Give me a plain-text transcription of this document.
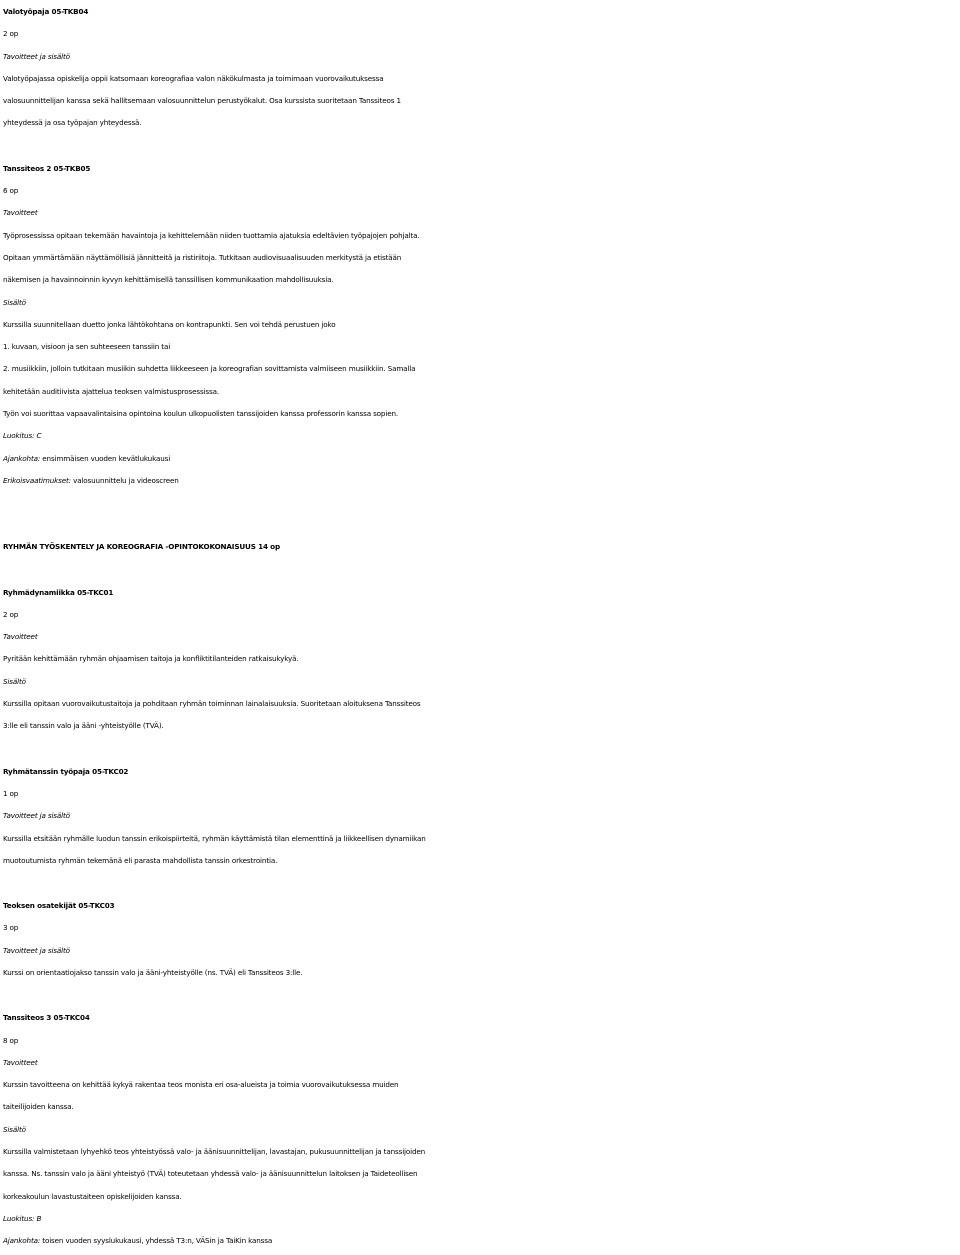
Valotyöpaja 05-TKB04
2 op
Tavoitteet ja sisältö
Valotyöpajassa opiskelija oppii katsomaan koreografiaa valon näkökulmasta ja toimimaan vuorovaikutuksessa
valosuunnittelijan kanssa sekä hallitsemaan valosuunnittelun perustyökalut. Osa kurssista suoritetaan Tanssiteos 1
yhteydessä ja osa työpajan yhteydessä.
Tanssiteos 2 05-TKB05
6 op
Tavoitteet
Työprosessissa opitaan tekemään havaintoja ja kehittelemään niiden tuottamia ajatuksia edeltävien työpajojen pohjalta.
Opitaan ymmärtämään näyttämöllisiä jännitteitä ja ristiriitoja. Tutkitaan audiovisuaalisuuden merkitystä ja etistään
näkemisen ja havainnoinnin kyvyn kehittämisellä tanssillisen kommunikaation mahdollisuuksia.
Sisältö
Kurssilla suunnitellaan duetto jonka lähtökohtana on kontrapunkti. Sen voi tehdä perustuen joko
1. kuvaan, visioon ja sen suhteeseen tanssiin tai
2. musiikkiin, jolloin tutkitaan musiikin suhdetta liikkeeseen ja koreografian sovittamista valmiiseen musiikkiin. Samalla
kehitetään auditiivista ajattelua teoksen valmistusprosessissa.
Työn voi suorittaa vapaavalintaisina opintoina koulun ulkopuolisten tanssijoiden kanssa professorin kanssa sopien.
Luokitus: C
Ajankohta: ensimmäisen vuoden kevätlukukausi
Erikoisvaatimukset: valosuunnittelu ja videoscreen
RYHMÄN TYÖSKENTELY JA KOREOGRAFIA -OPINTOKOKONAISUUS 14 op
Ryhmädynamiikka 05-TKC01
2 op
Tavoitteet
Pyritään kehittämään ryhmän ohjaamisen taitoja ja konfliktitilanteiden ratkaisukykyä.
Sisältö
Kurssilla opitaan vuorovaikutustaitoja ja pohditaan ryhmän toiminnan lainalaisuuksia. Suoritetaan aloituksena Tanssiteos
3:lle eli tanssin valo ja ääni -yhteistyölle (TVÄ).
Ryhmätanssin työpaja 05-TKC02
1 op
Tavoitteet ja sisältö
Kurssilla etsitään ryhmälle luodun tanssin erikoispiirteitä, ryhmän käyttämistä tilan elementtinä ja liikkeellisen dynamiikan
muotoutumista ryhmän tekemänä eli parasta mahdollista tanssin orkestrointia.
Teoksen osatekijät 05-TKC03
3 op
Tavoitteet ja sisältö
Kurssi on orientaatiojakso tanssin valo ja ääni-yhteistyölle (ns. TVÄ) eli Tanssiteos 3:lle.
Tanssiteos 3 05-TKC04
8 op
Tavoitteet
Kurssin tavoitteena on kehittää kykyä rakentaa teos monista eri osa-alueista ja toimia vuorovaikutuksessa muiden
taiteilijoiden kanssa.
Sisältö
Kurssilla valmistetaan lyhyehkö teos yhteistyössä valo- ja äänisuunnittelijan, lavastajan, pukusuunnittelijan ja tanssijoiden
kanssa. Ns. tanssin valo ja ääni yhteistyö (TVÄ) toteutetaan yhdessä valo- ja äänisuunnittelun laitoksen ja Taideteollisen
korkeakoulun lavastustaiteen opiskelijoiden kanssa.
Luokitus: B
Ajankohta: toisen vuoden syyslukukausi, yhdessä T3:n, VÄSin ja TaiKin kanssa
